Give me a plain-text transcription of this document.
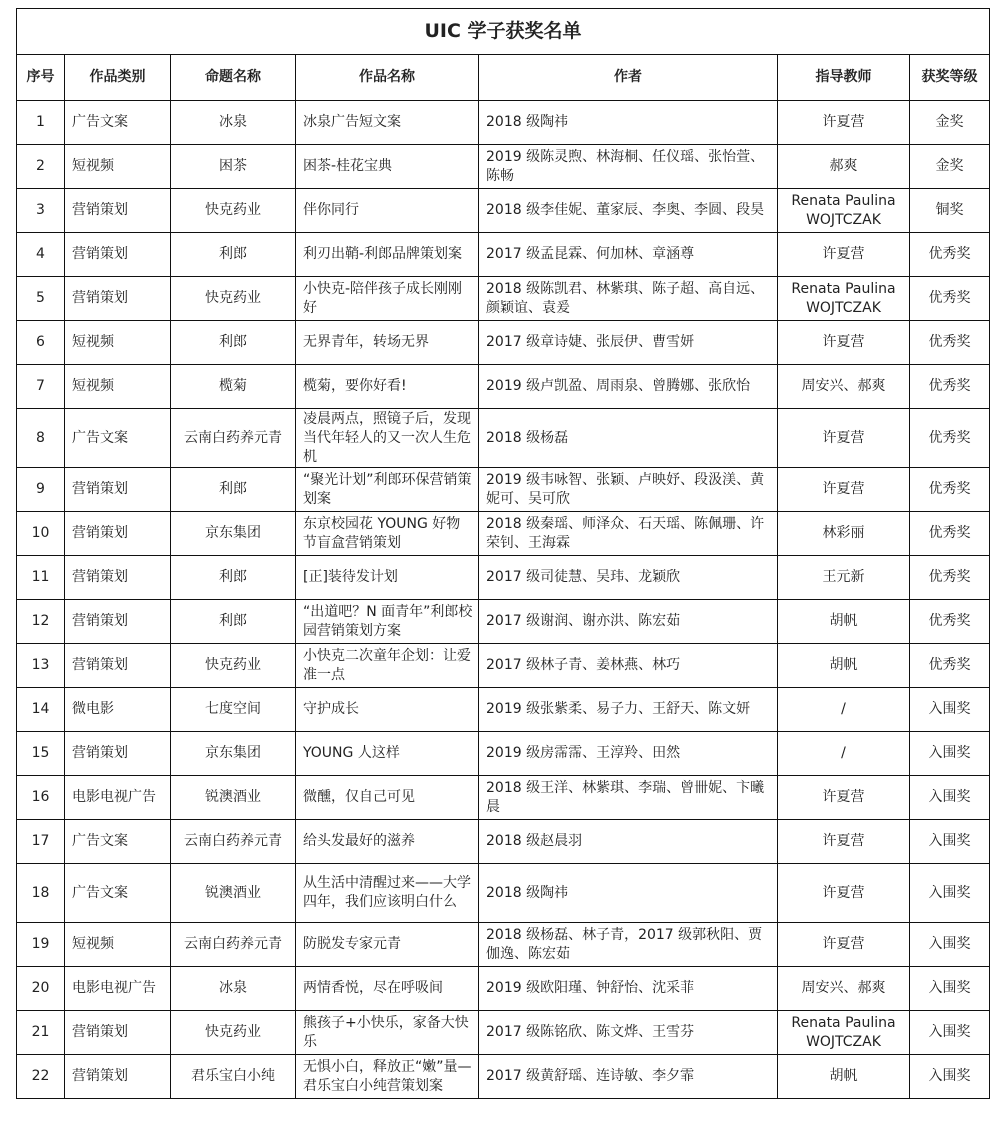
UIC 学子获奖名单						
序号	作品类别	命题名称	作品名称	作者	指导教师	获奖等级
1	广告文案	冰泉	冰泉广告短文案	2018 级陶祎	许夏营	金奖
2	短视频	困茶	困茶-桂花宝典	2019 级陈灵煦、林海桐、任仪瑶、张怡萱、陈畅	郝爽	金奖
3	营销策划	快克药业	伴你同行	2018 级李佳妮、董家辰、李奥、李圆、段昊	Renata Paulina WOJTCZAK	铜奖
4	营销策划	利郎	利刃出鞘-利郎品牌策划案	2017 级孟昆霖、何加林、章涵尊	许夏营	优秀奖
5	营销策划	快克药业	小快克-陪伴孩子成长刚刚好	2018 级陈凯君、林紫琪、陈子超、高自远、颜颖谊、袁爰	Renata Paulina WOJTCZAK	优秀奖
6	短视频	利郎	无界青年，转场无界	2017 级章诗婕、张辰伊、曹雪妍	许夏营	优秀奖
7	短视频	榄菊	榄菊，要你好看!	2019 级卢凯盈、周雨泉、曾腾娜、张欣怡	周安兴、郝爽	优秀奖
8	广告文案	云南白药养元青	凌晨两点，照镜子后，发现当代年轻人的又一次人生危机	2018 级杨磊	许夏营	优秀奖
9	营销策划	利郎	“聚光计划”利郎环保营销策划案	2019 级韦咏智、张颖、卢映妤、段汲渼、黄妮可、吴可欣	许夏营	优秀奖
10	营销策划	京东集团	东京校园花 YOUNG 好物节盲盒营销策划	2018 级秦瑶、师泽众、石天瑶、陈佩珊、许荣钊、王海霖	林彩丽	优秀奖
11	营销策划	利郎	[正]装待发计划	2017 级司徒慧、吴玮、龙颖欣	王元新	优秀奖
12	营销策划	利郎	“出道吧？N 面青年”利郎校园营销策划方案	2017 级谢润、谢亦洪、陈宏茹	胡帆	优秀奖
13	营销策划	快克药业	小快克二次童年企划：让爱准一点	2017 级林子青、姜林燕、林巧	胡帆	优秀奖
14	微电影	七度空间	守护成长	2019 级张紫柔、易子力、王舒天、陈文妍	/	入围奖
15	营销策划	京东集团	YOUNG 人这样	2019 级房霈霈、王淳羚、田然	/	入围奖
16	电影电视广告	锐澳酒业	微醺，仅自己可见	2018 级王洋、林紫琪、李瑞、曾卌妮、卞曦晨	许夏营	入围奖
17	广告文案	云南白药养元青	给头发最好的滋养	2018 级赵晨羽	许夏营	入围奖
18	广告文案	锐澳酒业	从生活中清醒过来——大学四年，我们应该明白什么	2018 级陶祎	许夏营	入围奖
19	短视频	云南白药养元青	防脱发专家元青	2018 级杨磊、林子青，2017 级郭秋阳、贾伽逸、陈宏茹	许夏营	入围奖
20	电影电视广告	冰泉	两情香悦，尽在呼吸间	2019 级欧阳瑾、钟舒怡、沈采菲	周安兴、郝爽	入围奖
21	营销策划	快克药业	熊孩子+小快乐，家备大快乐	2017 级陈铭欣、陈文烨、王雪芬	Renata Paulina WOJTCZAK	入围奖
22	营销策划	君乐宝白小纯	无惧小白，释放正“嫩”量—君乐宝白小纯营策划案	2017 级黄舒瑶、连诗敏、李夕霏	胡帆	入围奖
